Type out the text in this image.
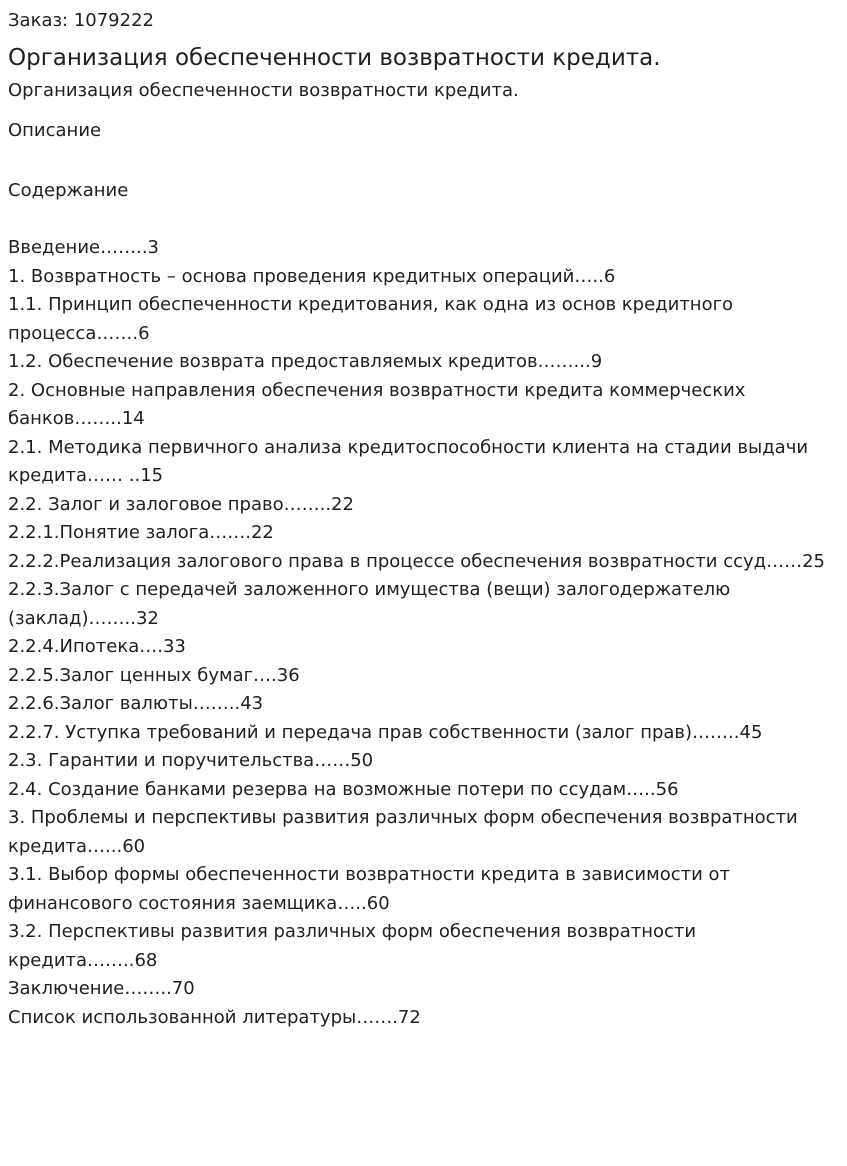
Заказ: 1079222
Организация обеспеченности возвратности кредита.
Организация обеспеченности возвратности кредита.
Описание
Содержание
Введение……..3
1. Возвратность – основа проведения кредитных операций…..6
1.1. Принцип обеспеченности кредитования, как одна из основ кредитного процесса…….6
1.2. Обеспечение возврата предоставляемых кредитов……...9
2. Основные направления обеспечения возвратности кредита коммерческих банков……..14
2.1. Методика первичного анализа кредитоспособности клиента на стадии выдачи кредита…… ..15
2.2. Залог и залоговое право……..22
2.2.1.Понятие залога…….22
2.2.2.Реализация залогового права в процессе обеспечения возвратности ссуд……25
2.2.3.Залог с передачей заложенного имущества (вещи) залогодержателю (заклад)……..32
2.2.4.Ипотека….33
2.2.5.Залог ценных бумаг….36
2.2.6.Залог валюты……..43
2.2.7. Уступка требований и передача прав собственности (залог прав)……..45
2.3. Гарантии и поручительства……50
2.4. Создание банками резерва на возможные потери по ссудам…..56
3. Проблемы и перспективы развития различных форм обеспечения возвратности кредита…...60
3.1. Выбор формы обеспеченности возвратности кредита в зависимости от финансового состояния заемщика…..60
3.2. Перспективы развития различных форм обеспечения возвратности кредита……..68
Заключение……..70
Список использованной литературы…….72
